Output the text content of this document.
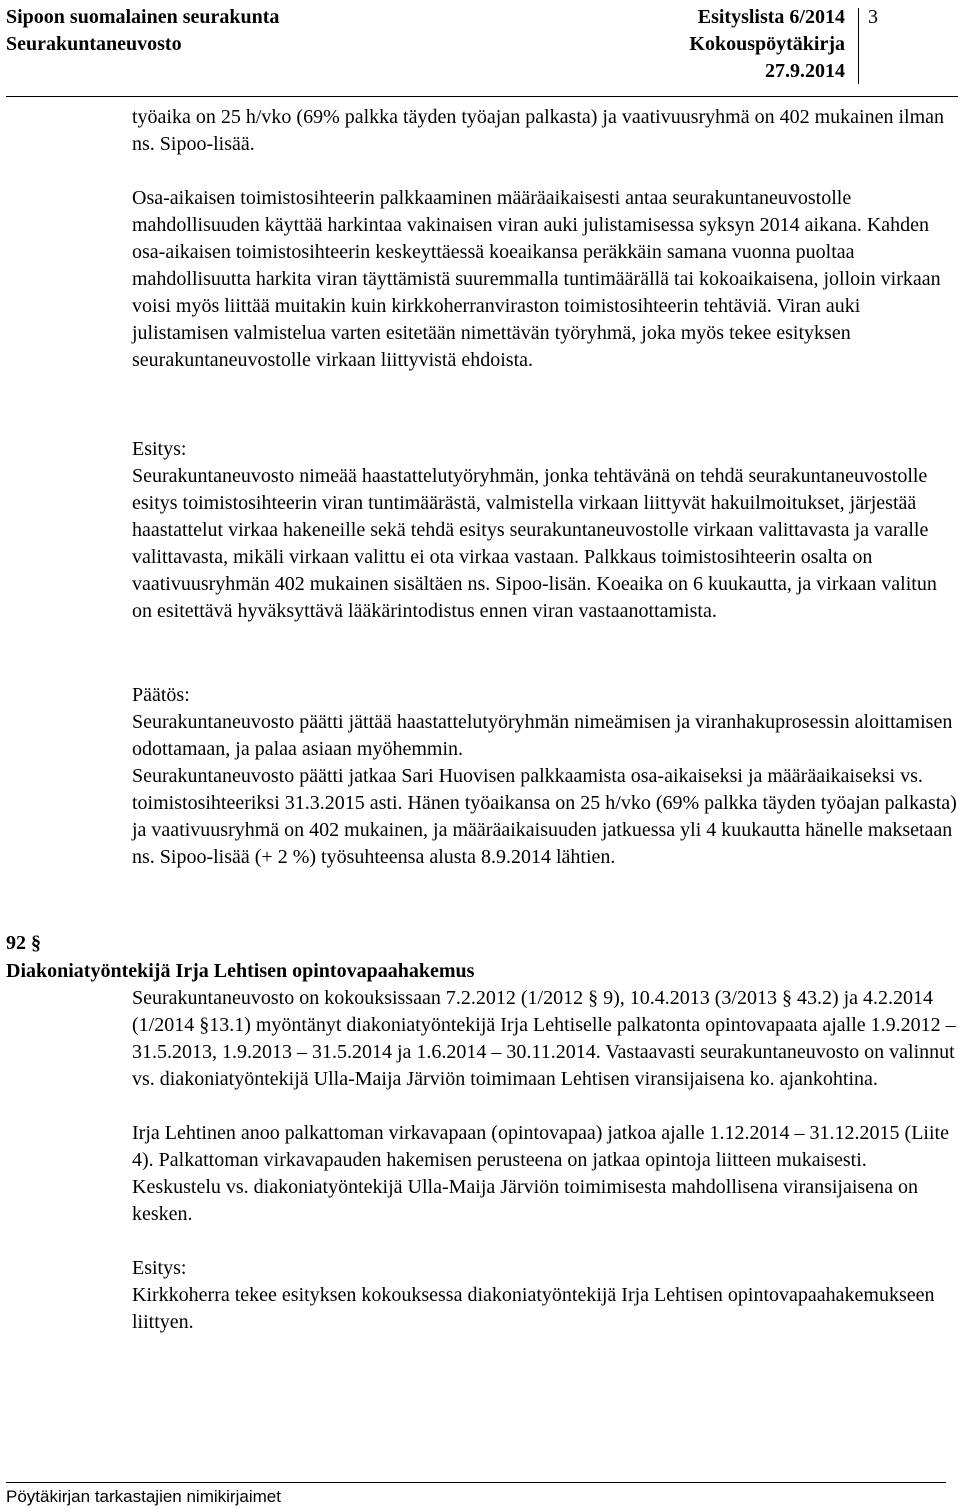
Sipoon suomalainen seurakunta
Seurakuntaneuvosto
Esityslista 6/2014
Kokouspöytäkirja
27.9.2014
3

työaika on 25 h/vko (69% palkka täyden työajan palkasta) ja vaativuusryhmä on 402 mukainen ilman ns. Sipoo-lisää.

Osa-aikaisen toimistosihteerin palkkaaminen määräaikaisesti antaa seurakuntaneuvostolle mahdollisuuden käyttää harkintaa vakinaisen viran auki julistamisessa syksyn 2014 aikana. Kahden osa-aikaisen toimistosihteerin keskeyttäessä koeaikansa peräkkäin samana vuonna puoltaa mahdollisuutta harkita viran täyttämistä suuremmalla tuntimäärällä tai kokoaikaisena, jolloin virkaan voisi myös liittää muitakin kuin kirkkoherranviraston toimistosihteerin tehtäviä. Viran auki julistamisen valmistelua varten esitetään nimettävän työryhmä, joka myös tekee esityksen seurakuntaneuvostolle virkaan liittyvistä ehdoista.

Esitys:

Seurakuntaneuvosto nimeää haastattelutyöryhmän, jonka tehtävänä on tehdä seurakuntaneuvostolle esitys toimistosihteerin viran tuntimäärästä, valmistella virkaan liittyvät hakuilmoitukset, järjestää haastattelut virkaa hakeneille sekä tehdä esitys seurakuntaneuvostolle virkaan valittavasta ja varalle valittavasta, mikäli virkaan valittu ei ota virkaa vastaan. Palkkaus toimistosihteerin osalta on vaativuusryhmän 402 mukainen sisältäen ns. Sipoo-lisän. Koeaika on 6 kuukautta, ja virkaan valitun on esitettävä hyväksyttävä lääkärintodistus ennen viran vastaanottamista.

Päätös:

Seurakuntaneuvosto päätti jättää haastattelutyöryhmän nimeämisen ja viranhakuprosessin aloittamisen odottamaan, ja palaa asiaan myöhemmin.

Seurakuntaneuvosto päätti jatkaa Sari Huovisen palkkaamista osa-aikaiseksi ja määräaikaiseksi vs. toimistosihteeriksi 31.3.2015 asti. Hänen työaikansa on 25 h/vko (69% palkka täyden työajan palkasta) ja vaativuusryhmä on 402 mukainen, ja määräaikaisuuden jatkuessa yli 4 kuukautta hänelle maksetaan ns. Sipoo-lisää (+ 2 %) työsuhteensa alusta 8.9.2014 lähtien.

92 §
Diakoniatyöntekijä Irja Lehtisen opintovapaahakemus

Seurakuntaneuvosto on kokouksissaan 7.2.2012 (1/2012 § 9), 10.4.2013 (3/2013 § 43.2) ja 4.2.2014 (1/2014 §13.1) myöntänyt diakoniatyöntekijä Irja Lehtiselle palkatonta opintovapaata ajalle 1.9.2012 – 31.5.2013, 1.9.2013 – 31.5.2014 ja 1.6.2014 – 30.11.2014. Vastaavasti seurakuntaneuvosto on valinnut vs. diakoniatyöntekijä Ulla-Maija Järviön toimimaan Lehtisen viransijaisena ko. ajankohtina.

Irja Lehtinen anoo palkattoman virkavapaan (opintovapaa) jatkoa ajalle 1.12.2014 – 31.12.2015 (Liite 4). Palkattoman virkavapauden hakemisen perusteena on jatkaa opintoja liitteen mukaisesti. Keskustelu vs. diakoniatyöntekijä Ulla-Maija Järviön toimimisesta mahdollisena viransijaisena on kesken.

Esitys:

Kirkkoherra tekee esityksen kokouksessa diakoniatyöntekijä Irja Lehtisen opintovapaahakemukseen liittyen.

Pöytäkirjan tarkastajien nimikirjaimet
